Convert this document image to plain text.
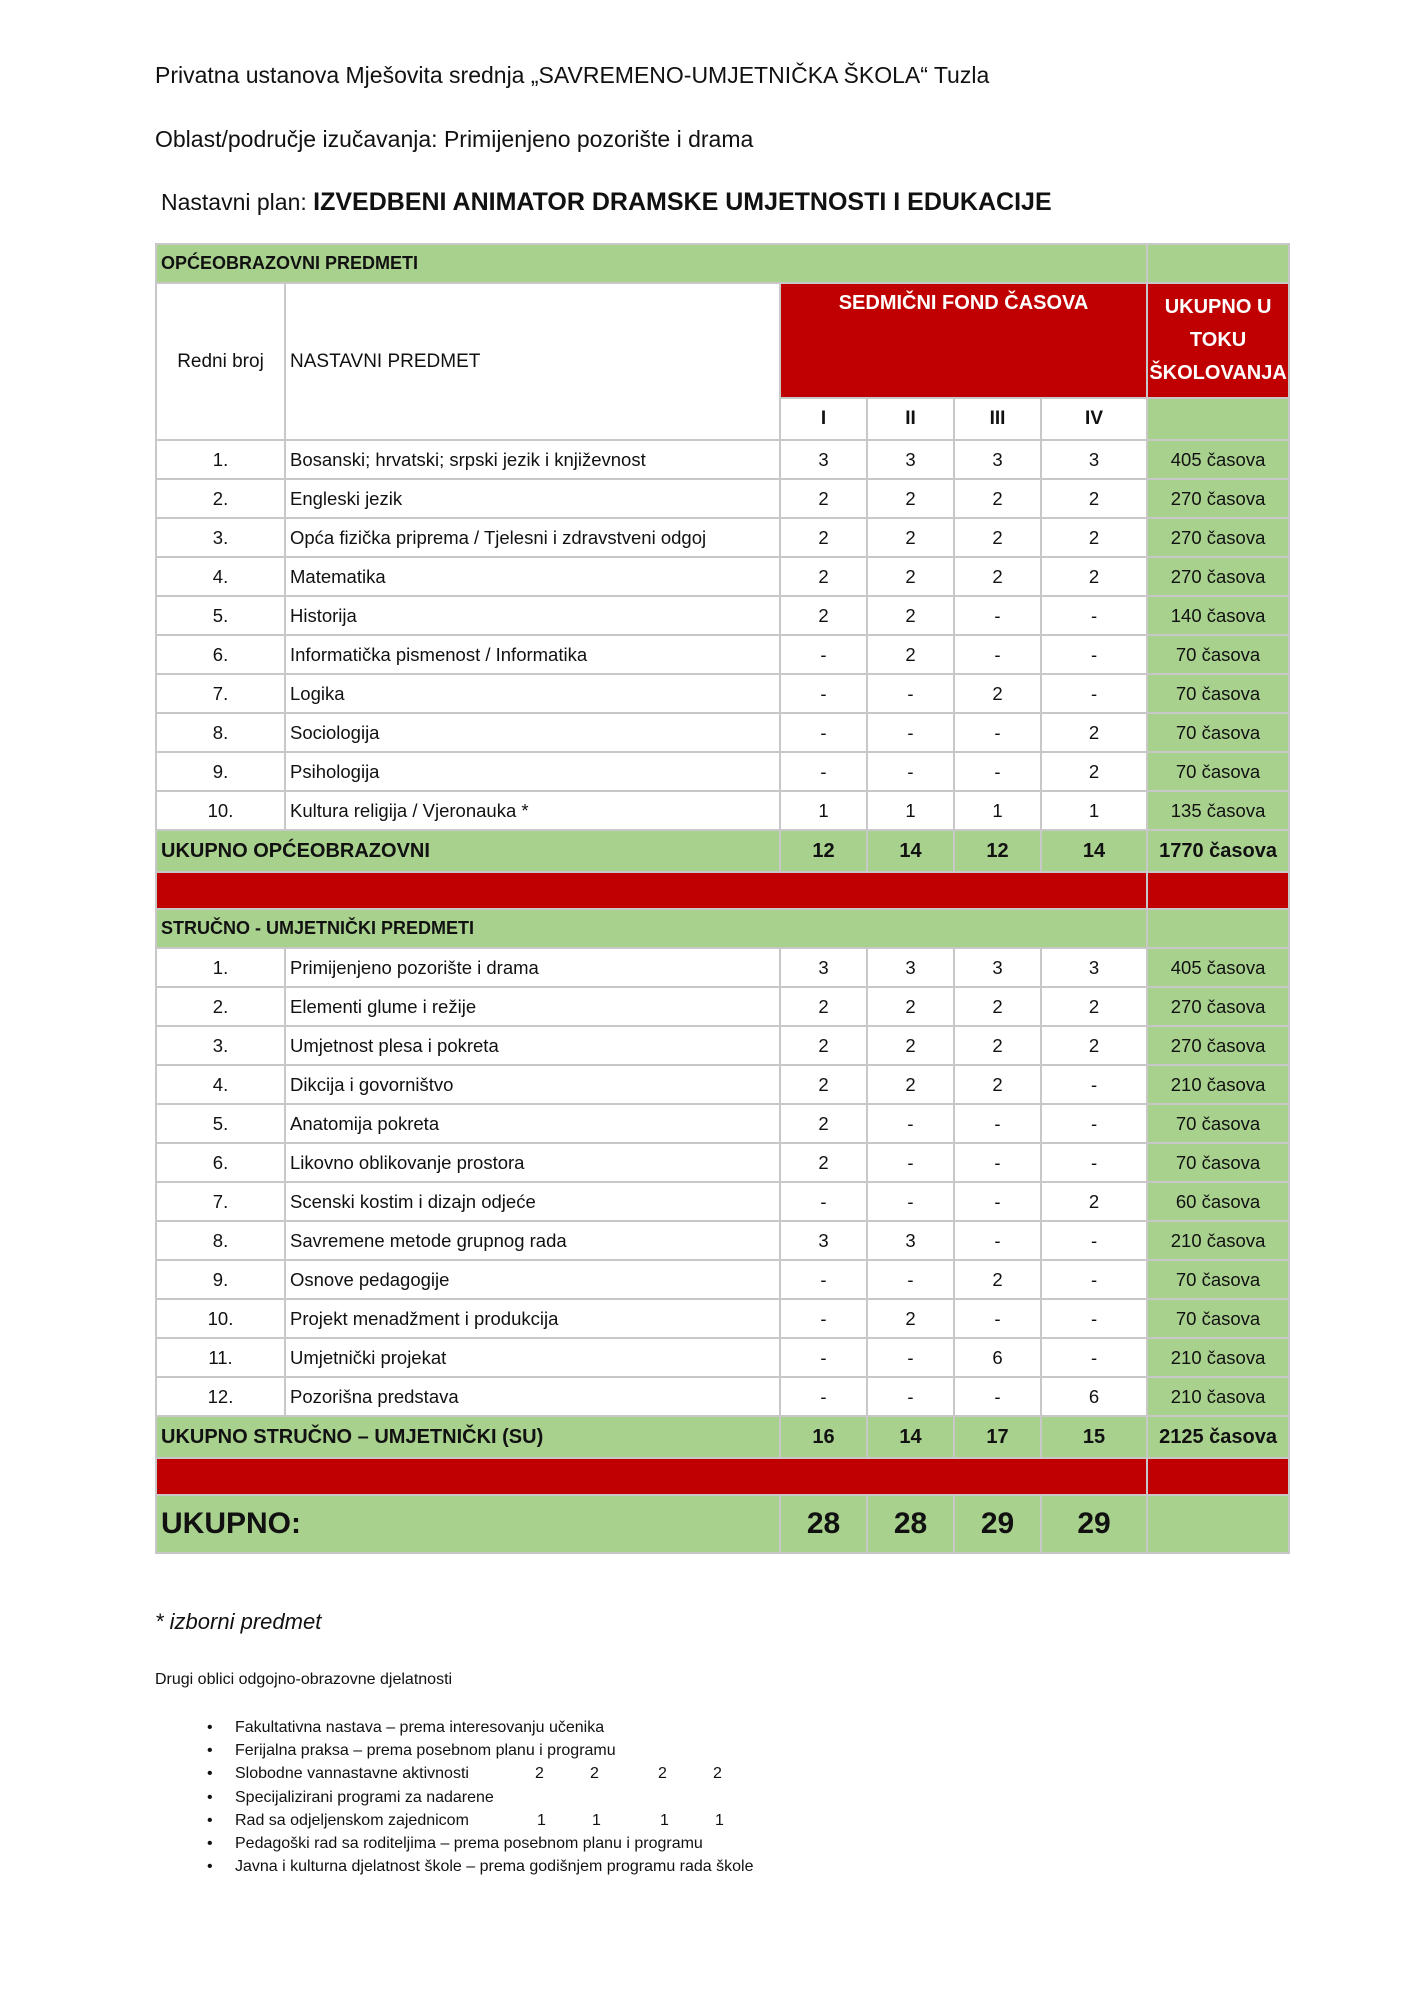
Privatna ustanova Mješovita srednja „SAVREMENO-UMJETNIČKA ŠKOLA“ Tuzla
Oblast/područje izučavanja: Primijenjeno pozorište i drama
Nastavni plan: IZVEDBENI ANIMATOR DRAMSKE UMJETNOSTI I EDUKACIJE
OPĆEOBRAZOVNI PREDMETI						
Redni broj	NASTAVNI PREDMET	SEDMIČNI FOND ČASOVA				UKUPNO U
TOKU
ŠKOLOVANJA

		I	II	III	IV	
1.	Bosanski; hrvatski; srpski jezik i književnost	3	3	3	3	405 časova
2.	Engleski jezik	2	2	2	2	270 časova
3.	Opća fizička priprema / Tjelesni i zdravstveni odgoj	2	2	2	2	270 časova
4.	Matematika	2	2	2	2	270 časova
5.	Historija	2	2	-	-	140 časova
6.	Informatička pismenost / Informatika	-	2	-	-	70 časova
7.	Logika	-	-	2	-	70 časova
8.	Sociologija	-	-	-	2	70 časova
9.	Psihologija	-	-	-	2	70 časova
10.	Kultura religija / Vjeronauka *	1	1	1	1	135 časova
UKUPNO OPĆEOBRAZOVNI		12	14	12	14	1770 časova

STRUČNO - UMJETNIČKI PREDMETI						
1.	Primijenjeno pozorište i drama	3	3	3	3	405 časova
2.	Elementi glume i režije	2	2	2	2	270 časova
3.	Umjetnost plesa i pokreta	2	2	2	2	270 časova
4.	Dikcija i govorništvo	2	2	2	-	210 časova
5.	Anatomija pokreta	2	-	-	-	70 časova
6.	Likovno oblikovanje prostora	2	-	-	-	70 časova
7.	Scenski kostim i dizajn odjeće	-	-	-	2	60 časova
8.	Savremene metode grupnog rada	3	3	-	-	210 časova
9.	Osnove pedagogije	-	-	2	-	70 časova
10.	Projekt menadžment i produkcija	-	2	-	-	70 časova
11.	Umjetnički projekat	-	-	6	-	210 časova
12.	Pozorišna predstava	-	-	-	6	210 časova
UKUPNO STRUČNO – UMJETNIČKI (SU)		16	14	17	15	2125 časova

UKUPNO:		28	28	29	29	
* izborni predmet
Drugi oblici odgojno-obrazovne djelatnosti
• Fakultativna nastava – prema interesovanju učenika
• Ferijalna praksa – prema posebnom planu i programu
• Slobodne vannastavne aktivnosti	2	2	2	2
• Specijalizirani programi za nadarene
• Rad sa odjeljenskom zajednicom	1	1	1	1
• Pedagoški rad sa roditeljima – prema posebnom planu i programu
• Javna i kulturna djelatnost škole – prema godišnjem programu rada škole
